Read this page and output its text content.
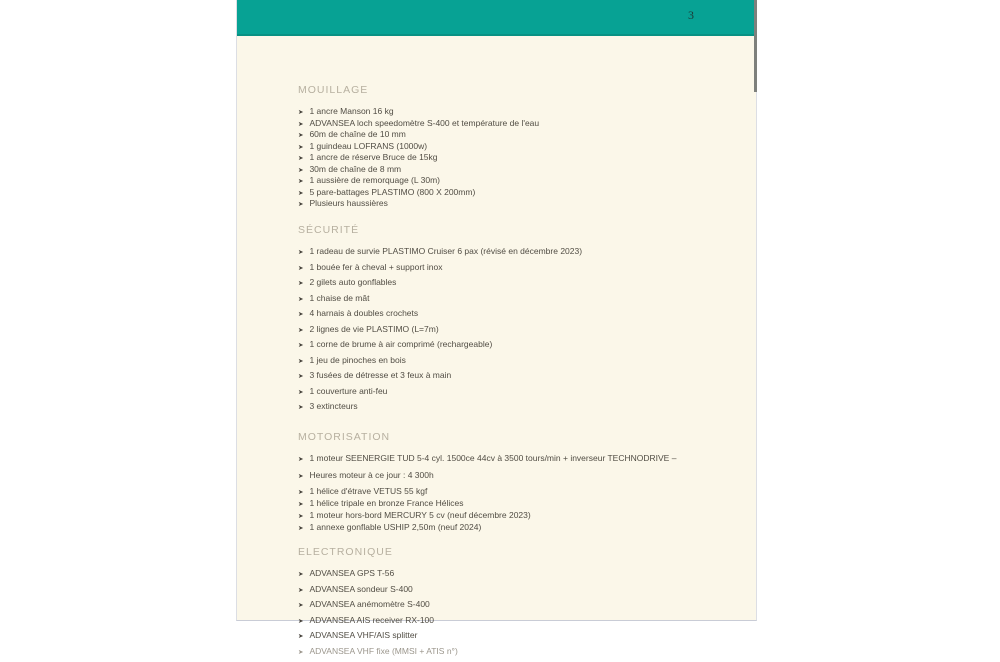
3
MOUILLAGE
➤ 1 ancre Manson 16 kg
➤ ADVANSEA loch speedomètre S-400 et température de l'eau
➤ 60m de chaîne de 10 mm
➤ 1 guindeau LOFRANS (1000w)
➤ 1 ancre de réserve Bruce de 15kg
➤ 30m de chaîne de 8 mm
➤ 1 aussière de remorquage (L 30m)
➤ 5 pare-battages PLASTIMO (800 X 200mm)
➤ Plusieurs haussières
SÉCURITÉ
➤ 1 radeau de survie PLASTIMO Cruiser 6 pax (révisé en décembre 2023)
➤ 1 bouée fer à cheval + support inox
➤ 2 gilets auto gonflables
➤ 1 chaise de mât
➤ 4 harnais à doubles crochets
➤ 2 lignes de vie PLASTIMO (L=7m)
➤ 1 corne de brume à air comprimé (rechargeable)
➤ 1 jeu de pinoches en bois
➤ 3 fusées de détresse et 3 feux à main
➤ 1 couverture anti-feu
➤ 3 extincteurs
MOTORISATION
➤ 1 moteur SEENERGIE TUD 5-4 cyl. 1500ce 44cv à 3500 tours/min + inverseur TECHNODRIVE –
➤ Heures moteur à ce jour : 4 300h
➤ 1 hélice d'étrave VETUS 55 kgf
➤ 1 hélice tripale en bronze France Hélices
➤ 1 moteur hors-bord MERCURY 5 cv (neuf décembre 2023)
➤ 1 annexe gonflable USHIP 2,50m (neuf 2024)
ELECTRONIQUE
➤ ADVANSEA GPS T-56
➤ ADVANSEA sondeur S-400
➤ ADVANSEA anémomètre S-400
➤ ADVANSEA AIS receiver RX-100
➤ ADVANSEA VHF/AIS splitter
➤ ADVANSEA VHF fixe (MMSI + ATIS n°)
